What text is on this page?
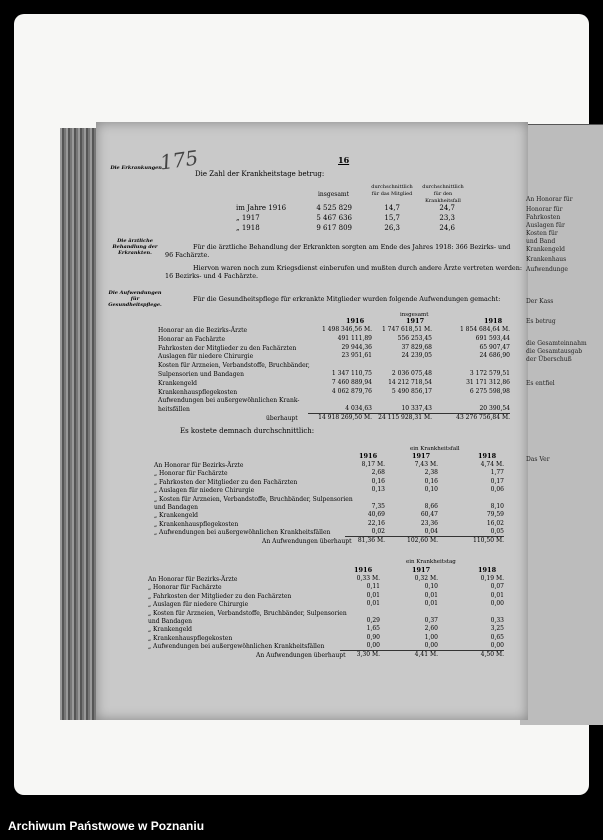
175	16
Die Erkrankungen.
Die Zahl der Krankheitstage betrug:
insgesamt
durchschnittlich für das Mitglied
durchschnittlich für den Krankheitsfall
im Jahre 1916	4 525 829	14,7	24,7
„ 1917	5 467 636	15,7	23,3
„ 1918	9 617 809	26,3	24,6
Die ärztliche Behandlung der Erkrankten.
Für die ärztliche Behandlung der Erkrankten sorgten am Ende des Jahres 1918: 366 Bezirks- und
96 Fachärzte.
Hiervon waren noch zum Kriegsdienst einberufen und mußten durch andere Ärzte vertreten werden:
16 Bezirks- und 4 Fachärzte.
Die Aufwendungen für Gesundheitspflege.
Für die Gesundheitspflege für erkrankte Mitglieder wurden folgende Aufwendungen gemacht:
insgesamt
1916	1917	1918
Honorar an die Bezirks-Ärzte	1 498 346,56 M.	1 747 618,51 M.	1 854 684,64 M.
Honorar an Fachärzte	491 111,89	556 253,45	691 593,44
Fahrkosten der Mitglieder zu den Fachärzten	29 944,36	37 829,68	65 907,47
Auslagen für niedere Chirurgie	23 951,61	24 239,05	24 686,90
Kosten für Arzneien, Verbandstoffe, Bruchbänder,
Sulpensorien und Bandagen	1 347 110,75	2 036 075,48	3 172 579,51
Krankengeld	7 460 889,94	14 212 718,54	31 171 312,86
Krankenhauspflegekosten	4 062 879,76	5 490 856,17	6 275 598,98
Aufwendungen bei außergewöhnlichen Krank-
heitsfällen	4 034,63	10 337,43	20 390,54
überhaupt	14 918 269,50 M.	24 115 928,31 M.	43 276 756,84 M.
Es kostete demnach durchschnittlich:
ein Krankheitsfall
1916	1917	1918
An Honorar für Bezirks-Ärzte	8,17 M.	7,43 M.	4,74 M.
„ Honorar für Fachärzte	2,68	2,38	1,77
„ Fahrkosten der Mitglieder zu den Fachärzten	0,16	0,16	0,17
„ Auslagen für niedere Chirurgie	0,13	0,10	0,06
„ Kosten für Arzneien, Verbandstoffe, Bruchbänder, Sulpensorien
und Bandagen	7,35	8,66	8,10
„ Krankengeld	40,69	60,47	79,59
„ Krankenhauspflegekosten	22,16	23,36	16,02
„ Aufwendungen bei außergewöhnlichen Krankheitsfällen	0,02	0,04	0,05
An Aufwendungen überhaupt	81,36 M.	102,60 M.	110,50 M.
ein Krankheitstag
1916	1917	1918
An Honorar für Bezirks-Ärzte	0,33 M.	0,32 M.	0,19 M.
„ Honorar für Fachärzte	0,11	0,10	0,07
„ Fahrkosten der Mitglieder zu den Fachärzten	0,01	0,01	0,01
„ Auslagen für niedere Chirurgie	0,01	0,01	0,00
„ Kosten für Arzneien, Verbandstoffe, Bruchbänder, Sulpensorien
und Bandagen	0,29	0,37	0,33
„ Krankengeld	1,65	2,60	3,25
„ Krankenhauspflegekosten	0,90	1,00	0,65
„ Aufwendungen bei außergewöhnlichen Krankheitsfällen	0,00	0,00	0,00
An Aufwendungen überhaupt	3,30 M.	4,41 M.	4,50 M.
An Honorar für
Honorar für
Fahrkosten
Auslagen für
Kosten für
und Band
Krankengeld
Krankenhaus
Aufwendunge
Der Kass
Es betrug
die Gesamteinnahm
die Gesamtausgab
der Überschuß
Es entfiel
Das Ver
Archiwum Państwowe w Poznaniu
